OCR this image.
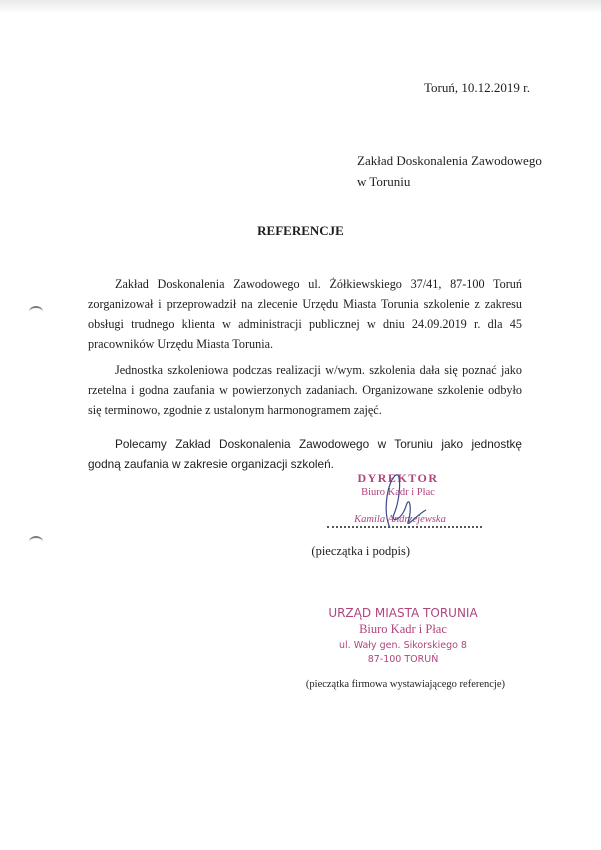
Toruń, 10.12.2019 r.
Zakład Doskonalenia Zawodowego
w Toruniu
REFERENCJE

Zakład Doskonalenia Zawodowego ul. Żółkiewskiego 37/41, 87-100 Toruń zorganizował i przeprowadził na zlecenie Urzędu Miasta Torunia szkolenie z zakresu obsługi trudnego klienta w administracji publicznej w dniu 24.09.2019 r. dla 45 pracowników Urzędu Miasta Torunia.

Jednostka szkoleniowa podczas realizacji w/wym. szkolenia dała się poznać jako rzetelna i godna zaufania w powierzonych zadaniach. Organizowane szkolenie odbyło się terminowo, zgodnie z ustalonym harmonogramem zajęć.

Polecamy Zakład Doskonalenia Zawodowego w Toruniu jako jednostkę godną zaufania w zakresie organizacji szkoleń.

DYREKTOR
Biuro Kadr i Płac
Kamila Andrzejewska
(pieczątka i podpis)
URZĄD MIASTA TORUNIA
Biuro Kadr i Płac
ul. Wały gen. Sikorskiego 8
87-100 TORUŃ
(pieczątka firmowa wystawiającego referencje)
